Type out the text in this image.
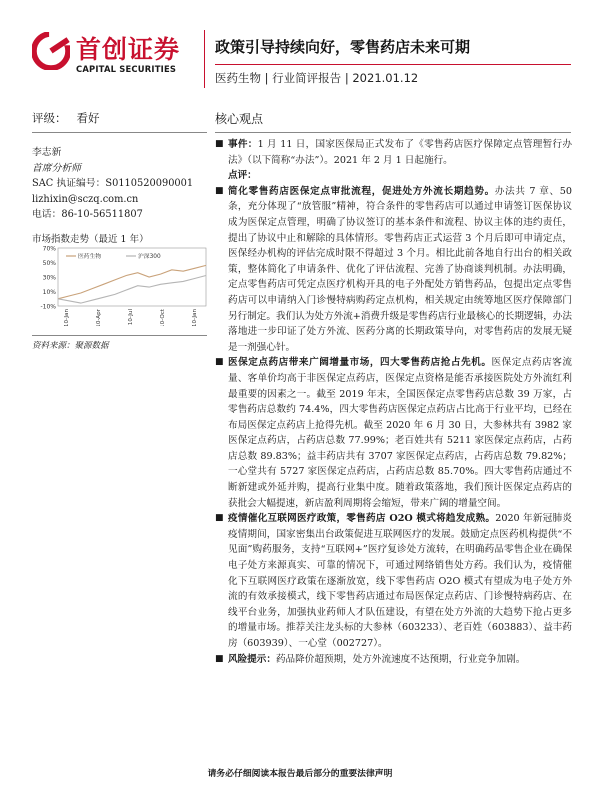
首创证券
CAPITAL SECURITIES
政策引导持续向好，零售药店未来可期
医药生物 | 行业简评报告 | 2021.01.12
评级： 看好
李志新
首席分析师
SAC 执证编号：S0110520090001
lizhixin@sczq.com.cn
电话：86-10-56511807
市场指数走势（最近 1 年）
70%
50%
30%
10%
-10%
10-Jan	10-Apr	10-Jul	10-Oct	10-Jan
医药生物	沪深300
资料来源：聚源数据
核心观点
■ 事件：1 月 11 日，国家医保局正式发布了《零售药店医疗保障定点管理暂行办法》（以下简称“办法”）。2021 年 2 月 1 日起施行。
点评：
■ 简化零售药店医保定点审批流程，促进处方外流长期趋势。办法共 7 章、50 条，充分体现了“放管服”精神，符合条件的零售药店可以通过申请签订医保协议成为医保定点管理，明确了协议签订的基本条件和流程、协议主体的违约责任，提出了协议中止和解除的具体情形。零售药店正式运营 3 个月后即可申请定点，医保经办机构的评估完成时限不得超过 3 个月。相比此前各地自行出台的相关政策，整体简化了申请条件、优化了评估流程、完善了协商谈判机制。办法明确，定点零售药店可凭定点医疗机构开具的电子外配处方销售药品，包提出定点零售药店可以申请纳入门诊慢特病购药定点机构，相关规定由统筹地区医疗保障部门另行制定。我们认为处方外流+消费升级是零售药店行业最核心的长期逻辑，办法落地进一步印证了处方外流、医药分离的长期政策导向，对零售药店的发展无疑是一剂强心针。
■ 医保定点药店带来广阔增量市场，四大零售药店抢占先机。医保定点药店客流量、客单价均高于非医保定点药店，医保定点资格是能否承接医院处方外流红利最重要的因素之一。截至 2019 年末，全国医保定点零售药店总数 39 万家，占零售药店总数约 74.4%，四大零售药店医保定点药店占比高于行业平均，已经在布局医保定点药店上抢得先机。截至 2020 年 6 月 30 日，大参林共有 3982 家医保定点药店，占药店总数 77.99%；老百姓共有 5211 家医保定点药店，占药店总数 89.83%；益丰药店共有 3707 家医保定点药店，占药店总数 79.82%；一心堂共有 5727 家医保定点药店，占药店总数 85.70%。四大零售药店通过不断新建或外延并购，提高行业集中度。随着政策落地，我们预计医保定点药店的获批会大幅提速，新店盈利周期将会缩短，带来广阔的增量空间。
■ 疫情催化互联网医疗政策，零售药店 O2O 模式将趋发成熟。2020 年新冠肺炎疫情期间，国家密集出台政策促进互联网医疗的发展。鼓励定点医药机构提供“不见面”购药服务，支持“互联网+”医疗复诊处方流转，在明确药品零售企业在确保电子处方来源真实、可靠的情况下，可通过网络销售处方药。我们认为，疫情催化下互联网医疗政策在逐渐放宽，线下零售药店 O2O 模式有望成为电子处方外流的有效承接模式，线下零售药店通过布局医保定点药店、门诊慢特病药店、在线平台业务，加强执业药师人才队伍建设，有望在处方外流的大趋势下抢占更多的增量市场。推荐关注龙头标的大参林（603233）、老百姓（603883）、益丰药房（603939）、一心堂（002727）。
■ 风险提示：药品降价超预期，处方外流速度不达预期，行业竞争加剧。
请务必仔细阅读本报告最后部分的重要法律声明
